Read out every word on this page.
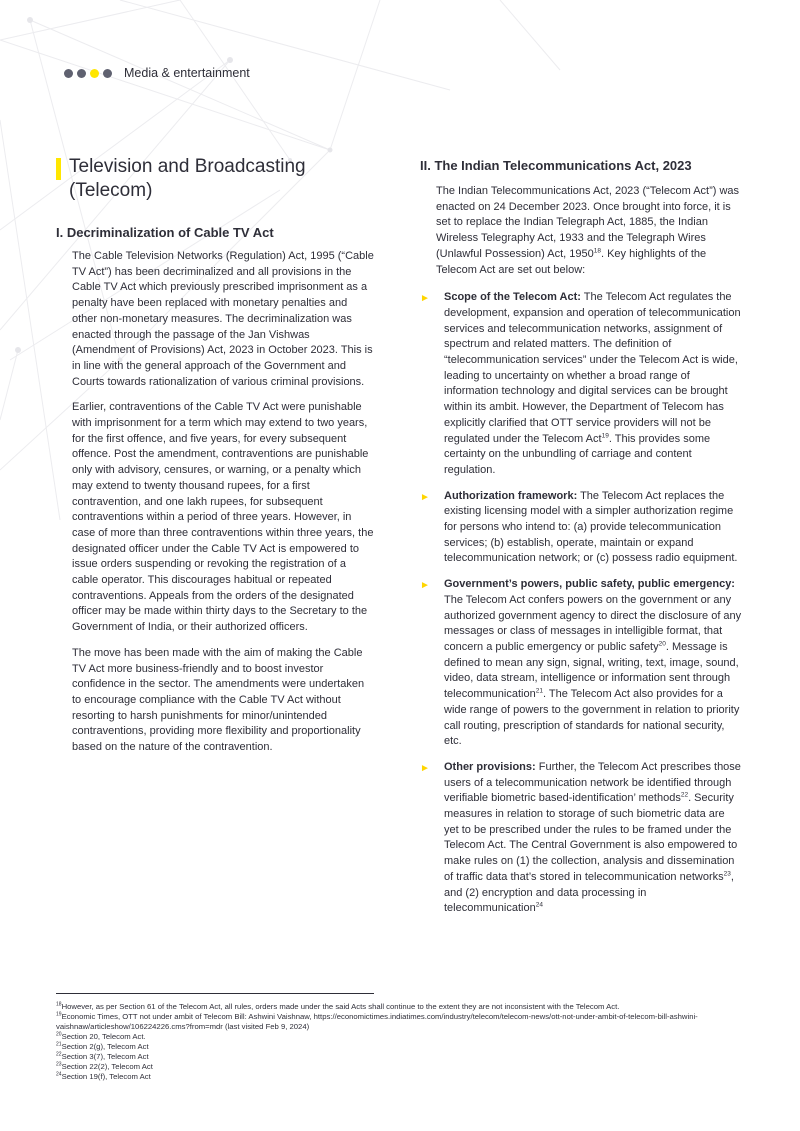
Media & entertainment
Television and Broadcasting
(Telecom)
I. Decriminalization of Cable TV Act

The Cable Television Networks (Regulation) Act, 1995 (“Cable TV Act”) has been decriminalized and all provisions in the Cable TV Act which previously prescribed imprisonment as a penalty have been replaced with monetary penalties and other non-monetary measures. The decriminalization was enacted through the passage of the Jan Vishwas (Amendment of Provisions) Act, 2023 in October 2023. This is in line with the general approach of the Government and Courts towards rationalization of various criminal provisions.

Earlier, contraventions of the Cable TV Act were punishable with imprisonment for a term which may extend to two years, for the first offence, and five years, for every subsequent offence. Post the amendment, contraventions are punishable only with advisory, censures, or warning, or a penalty which may extend to twenty thousand rupees, for a first contravention, and one lakh rupees, for subsequent contraventions within a period of three years. However, in case of more than three contraventions within three years, the designated officer under the Cable TV Act is empowered to issue orders suspending or revoking the registration of a cable operator. This discourages habitual or repeated contraventions. Appeals from the orders of the designated officer may be made within thirty days to the Secretary to the Government of India, or their authorized officers.

The move has been made with the aim of making the Cable TV Act more business-friendly and to boost investor confidence in the sector. The amendments were undertaken to encourage compliance with the Cable TV Act without resorting to harsh punishments for minor/unintended contraventions, providing more flexibility and proportionality based on the nature of the contravention.

II. The Indian Telecommunications Act, 2023

The Indian Telecommunications Act, 2023 (“Telecom Act”) was enacted on 24 December 2023. Once brought into force, it is set to replace the Indian Telegraph Act, 1885, the Indian Wireless Telegraphy Act, 1933 and the Telegraph Wires (Unlawful Possession) Act, 1950$^{18}$. Key highlights of the Telecom Act are set out below:

► Scope of the Telecom Act: The Telecom Act regulates the development, expansion and operation of telecommunication services and telecommunication networks, assignment of spectrum and related matters. The definition of “telecommunication services” under the Telecom Act is wide, leading to uncertainty on whether a broad range of information technology and digital services can be brought within its ambit. However, the Department of Telecom has explicitly clarified that OTT service providers will not be regulated under the Telecom Act$^{19}$. This provides some certainty on the unbundling of carriage and content regulation.
► Authorization framework: The Telecom Act replaces the existing licensing model with a simpler authorization regime for persons who intend to: (a) provide telecommunication services; (b) establish, operate, maintain or expand telecommunication network; or (c) possess radio equipment.
► Government’s powers, public safety, public emergency: The Telecom Act confers powers on the government or any authorized government agency to direct the disclosure of any messages or class of messages in intelligible format, that concern a public emergency or public safety$^{20}$. Message is defined to mean any sign, signal, writing, text, image, sound, video, data stream, intelligence or information sent through telecommunication$^{21}$. The Telecom Act also provides for a wide range of powers to the government in relation to priority call routing, prescription of standards for national security, etc.
► Other provisions: Further, the Telecom Act prescribes those users of a telecommunication network be identified through verifiable biometric based-identification’ methods$^{22}$. Security measures in relation to storage of such biometric data are yet to be prescribed under the rules to be framed under the Telecom Act. The Central Government is also empowered to make rules on (1) the collection, analysis and dissemination of traffic data that’s stored in telecommunication networks$^{23}$, and (2) encryption and data processing in telecommunication$^{24}$
$^{18}$However, as per Section 61 of the Telecom Act, all rules, orders made under the said Acts shall continue to the extent they are not inconsistent with the Telecom Act.
$^{19}$Economic Times, OTT not under ambit of Telecom Bill: Ashwini Vaishnaw, https://economictimes.indiatimes.com/industry/telecom/telecom-news/ott-not-under-ambit-of-telecom-bill-ashwini-vaishnaw/articleshow/106224226.cms?from=mdr (last visited Feb 9, 2024)
$^{20}$Section 20, Telecom Act.
$^{21}$Section 2(g), Telecom Act
$^{22}$Section 3(7), Telecom Act
$^{23}$Section 22(2), Telecom Act
$^{24}$Section 19(f), Telecom Act
